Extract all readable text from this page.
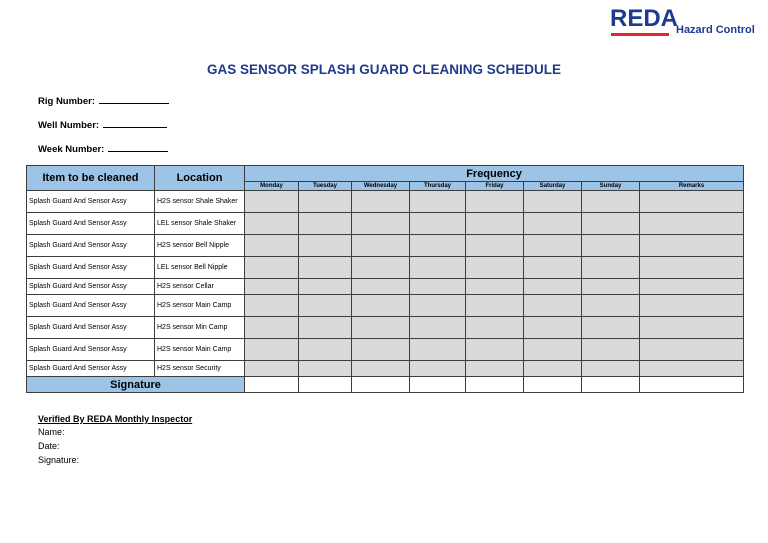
REDA
Hazard Control
GAS SENSOR SPLASH GUARD CLEANING SCHEDULE
Rig Number:
Well Number:
Week Number:
Item to be cleaned	Location	Frequency							
		Monday	Tuesday	Wednesday	Thursday	Friday	Saturday	Sunday	Remarks
Splash Guard And Sensor Assy	H2S sensor Shale Shaker								
Splash Guard And Sensor Assy	LEL sensor Shale Shaker								
Splash Guard And Sensor Assy	H2S sensor Bell Nipple								
Splash Guard And Sensor Assy	LEL sensor Bell Nipple								
Splash Guard And Sensor Assy	H2S sensor Cellar								
Splash Guard And Sensor Assy	H2S sensor Main Camp								
Splash Guard And Sensor Assy	H2S sensor Min Camp								
Splash Guard And Sensor Assy	H2S sensor Main Camp								
Splash Guard And Sensor Assy	H2S sensor Security								
Signature									
Verified By REDA Monthly Inspector
Name:
Date:
Signature:
